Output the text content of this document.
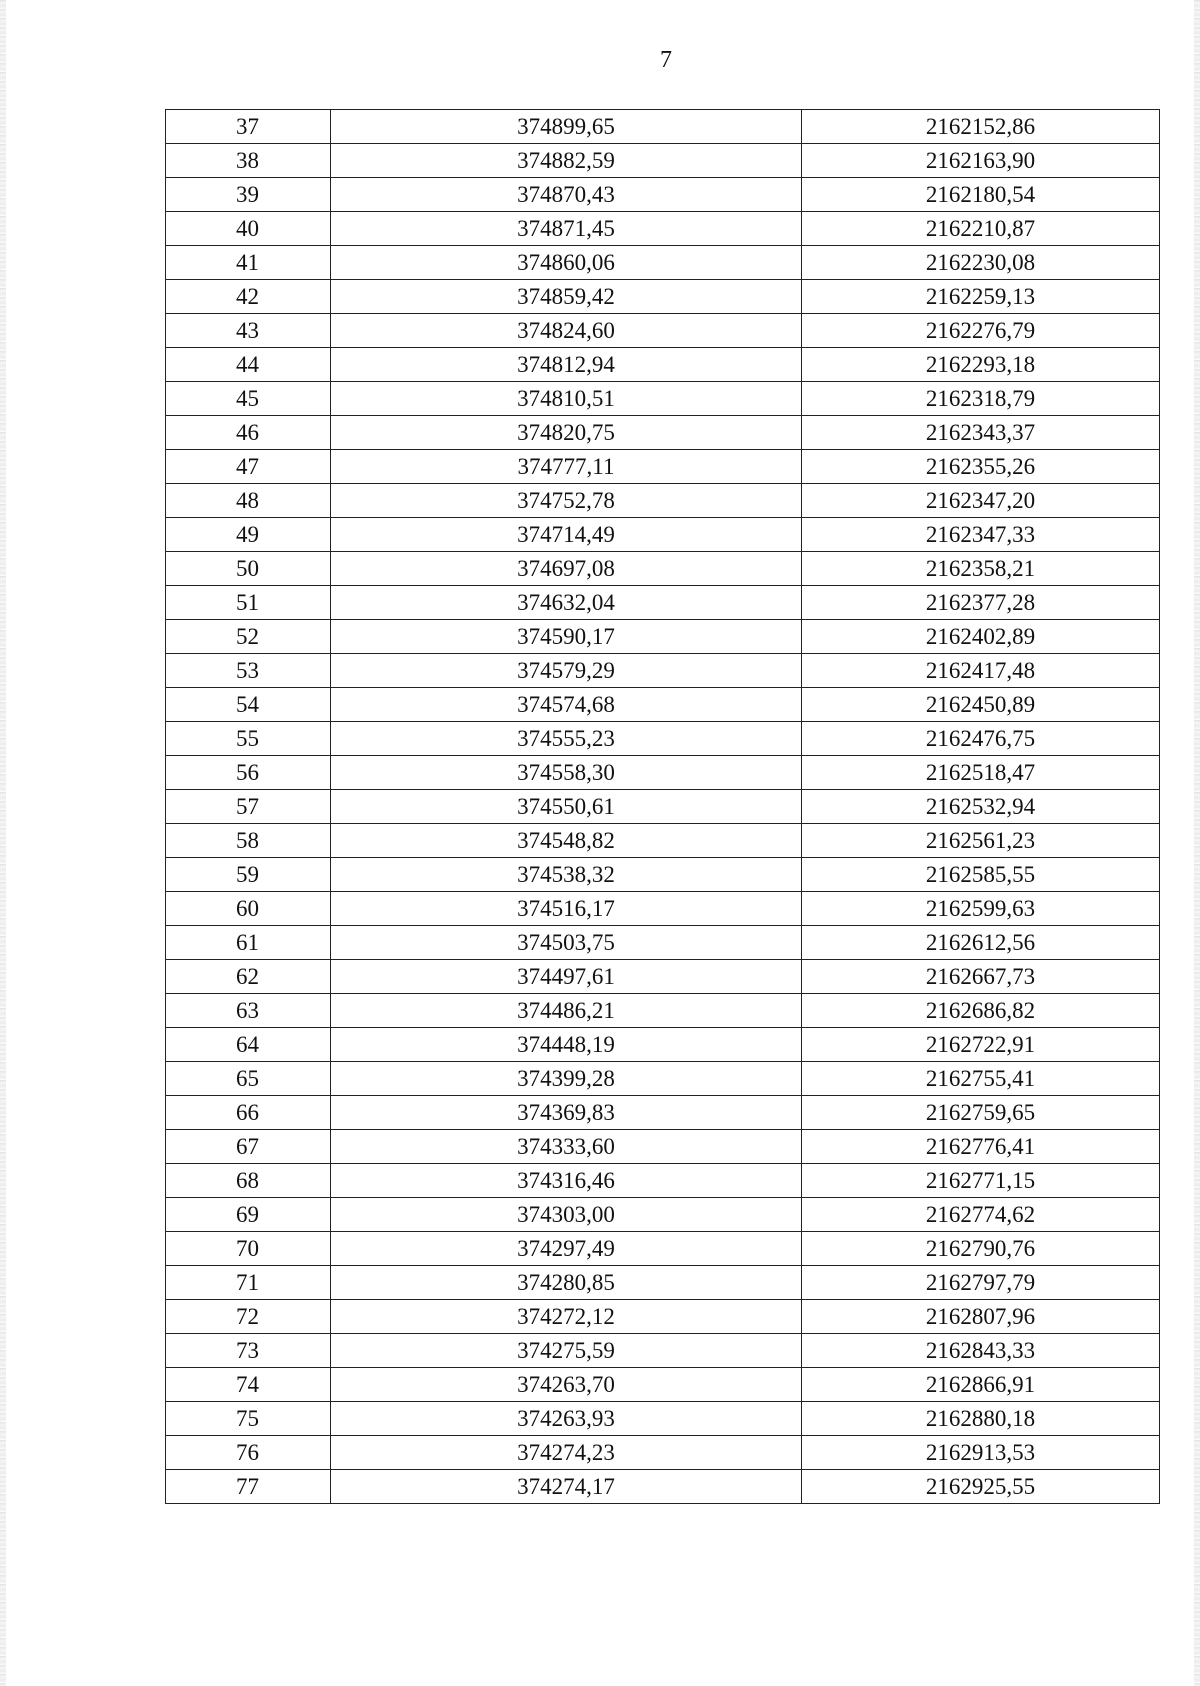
7
37	374899,65	2162152,86
38	374882,59	2162163,90
39	374870,43	2162180,54
40	374871,45	2162210,87
41	374860,06	2162230,08
42	374859,42	2162259,13
43	374824,60	2162276,79
44	374812,94	2162293,18
45	374810,51	2162318,79
46	374820,75	2162343,37
47	374777,11	2162355,26
48	374752,78	2162347,20
49	374714,49	2162347,33
50	374697,08	2162358,21
51	374632,04	2162377,28
52	374590,17	2162402,89
53	374579,29	2162417,48
54	374574,68	2162450,89
55	374555,23	2162476,75
56	374558,30	2162518,47
57	374550,61	2162532,94
58	374548,82	2162561,23
59	374538,32	2162585,55
60	374516,17	2162599,63
61	374503,75	2162612,56
62	374497,61	2162667,73
63	374486,21	2162686,82
64	374448,19	2162722,91
65	374399,28	2162755,41
66	374369,83	2162759,65
67	374333,60	2162776,41
68	374316,46	2162771,15
69	374303,00	2162774,62
70	374297,49	2162790,76
71	374280,85	2162797,79
72	374272,12	2162807,96
73	374275,59	2162843,33
74	374263,70	2162866,91
75	374263,93	2162880,18
76	374274,23	2162913,53
77	374274,17	2162925,55
